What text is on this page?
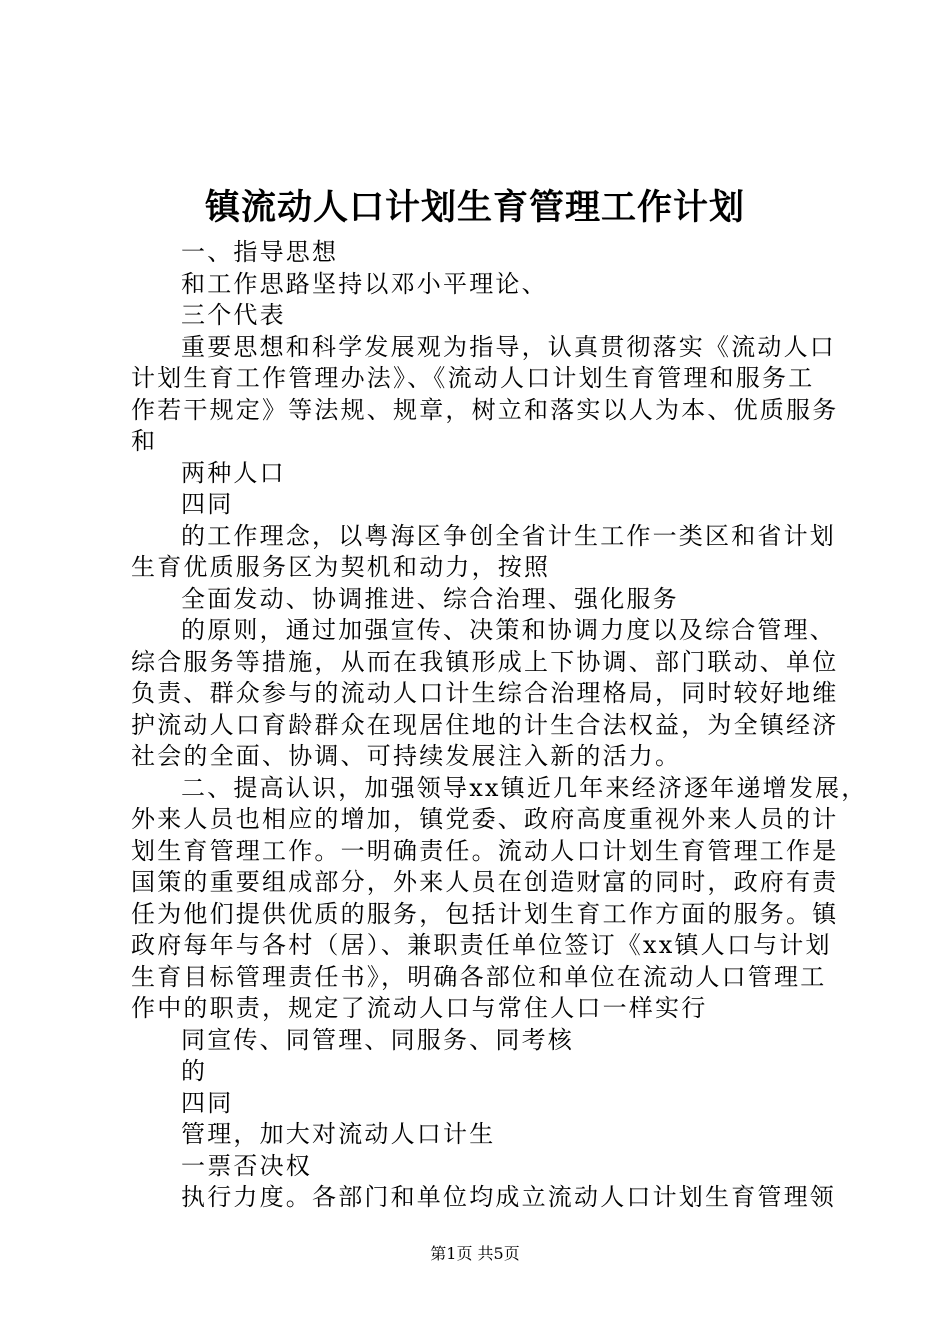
镇流动人口计划生育管理工作计划
一、指导思想
和工作思路坚持以邓小平理论、
三个代表
重要思想和科学发展观为指导，认真贯彻落实《流动人口
计划生育工作管理办法》、《流动人口计划生育管理和服务工
作若干规定》等法规、规章，树立和落实以人为本、优质服务
和
两种人口
四同
的工作理念，以粤海区争创全省计生工作一类区和省计划
生育优质服务区为契机和动力，按照
全面发动、协调推进、综合治理、强化服务
的原则，通过加强宣传、决策和协调力度以及综合管理、
综合服务等措施，从而在我镇形成上下协调、部门联动、单位
负责、群众参与的流动人口计生综合治理格局，同时较好地维
护流动人口育龄群众在现居住地的计生合法权益，为全镇经济
社会的全面、协调、可持续发展注入新的活力。
二、提高认识，加强领导xx镇近几年来经济逐年递增发展，
外来人员也相应的增加，镇党委、政府高度重视外来人员的计
划生育管理工作。一明确责任。流动人口计划生育管理工作是
国策的重要组成部分，外来人员在创造财富的同时，政府有责
任为他们提供优质的服务，包括计划生育工作方面的服务。镇
政府每年与各村（居）、兼职责任单位签订《xx镇人口与计划
生育目标管理责任书》，明确各部位和单位在流动人口管理工
作中的职责，规定了流动人口与常住人口一样实行
同宣传、同管理、同服务、同考核
的
四同
管理，加大对流动人口计生
一票否决权
执行力度。各部门和单位均成立流动人口计划生育管理领
第1页 共5页
